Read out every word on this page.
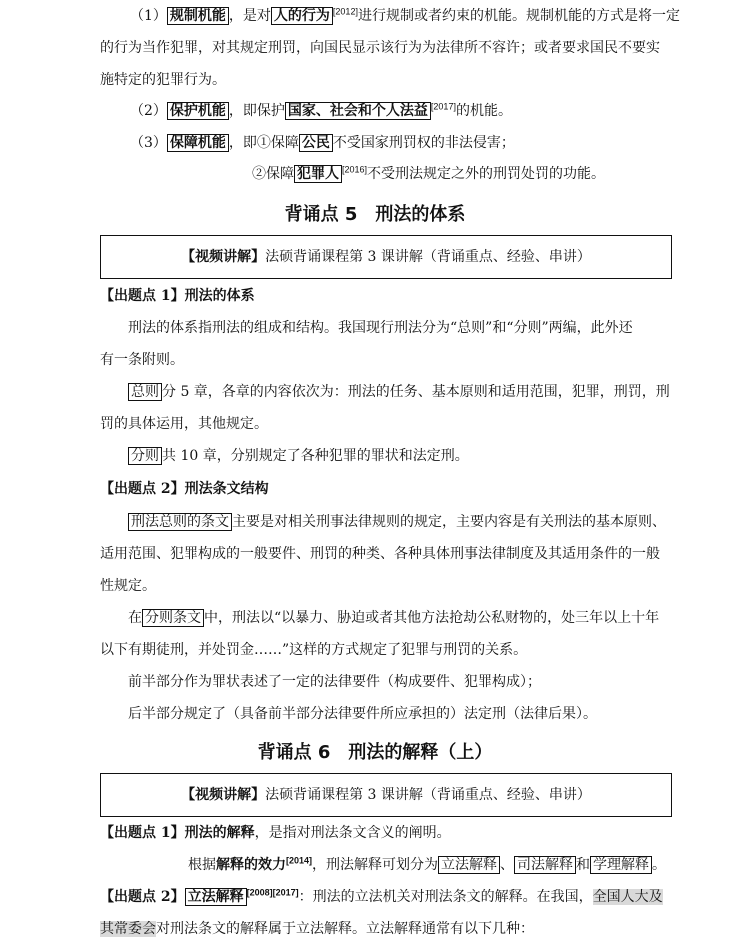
（1） 规制机能 ，是对 人的行为 [2012]进行规制或者约束的机能。规制机能的方式是将一定
的行为当作犯罪，对其规定刑罚，向国民显示该行为为法律所不容许；或者要求国民不要实
施特定的犯罪行为。
（2） 保护机能 ，即保护 国家、社会和个人法益 [2017]的机能。
（3） 保障机能 ，即①保障 公民 不受国家刑罚权的非法侵害；
②保障 犯罪人 [2016]不受刑法规定之外的刑罚处罚的功能。
背诵点 5　刑法的体系
【视频讲解】法硕背诵课程第 3 课讲解（背诵重点、经验、串讲）
【出题点 1】刑法的体系
刑法的体系指刑法的组成和结构。我国现行刑法分为“总则”和“分则”两编，此外还
有一条附则。
总则 分 5 章，各章的内容依次为：刑法的任务、基本原则和适用范围，犯罪，刑罚，刑
罚的具体运用，其他规定。
分则 共 10 章，分别规定了各种犯罪的罪状和法定刑。
【出题点 2】刑法条文结构
刑法总则的条文 主要是对相关刑事法律规则的规定，主要内容是有关刑法的基本原则、
适用范围、犯罪构成的一般要件、刑罚的种类、各种具体刑事法律制度及其适用条件的一般
性规定。
在 分则条文 中，刑法以“以暴力、胁迫或者其他方法抢劫公私财物的，处三年以上十年
以下有期徒刑，并处罚金……”这样的方式规定了犯罪与刑罚的关系。
前半部分作为罪状表述了一定的法律要件（构成要件、犯罪构成）；
后半部分规定了（具备前半部分法律要件所应承担的）法定刑（法律后果）。
背诵点 6　刑法的解释（上）
【视频讲解】法硕背诵课程第 3 课讲解（背诵重点、经验、串讲）
【出题点 1】刑法的解释，是指对刑法条文含义的阐明。
根据解释的效力[2014]，刑法解释可划分为 立法解释 、 司法解释 和 学理解释 。
【出题点 2】 立法解释 [2008][2017]：刑法的立法机关对刑法条文的解释。在我国，全国人大及
其常委会对刑法条文的解释属于立法解释。立法解释通常有以下几种：
